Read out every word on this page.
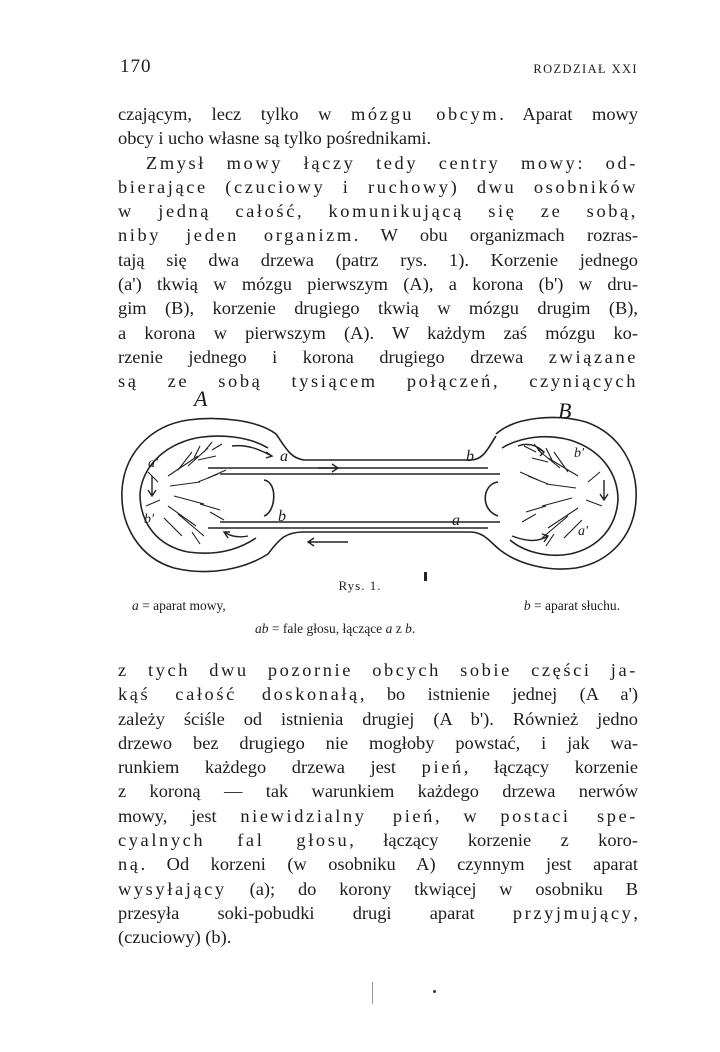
170	ROZDZIAŁ XXI
czającym, lecz tylko w mózgu obcym. Aparat mowy
obcy i ucho własne są tylko pośrednikami.
Zmysł mowy łączy tedy centry mowy: od-
bierające (czuciowy i ruchowy) dwu osobników
w jedną całość, komunikującą się ze sobą,
niby jeden organizm. W obu organizmach rozras-
tają się dwa drzewa (patrz rys. 1). Korzenie jednego
(a') tkwią w mózgu pierwszym (A), a korona (b') w dru-
gim (B), korzenie drugiego tkwią w mózgu drugim (B),
a korona w pierwszym (A). W każdym zaś mózgu ko-
rzenie jednego i korona drugiego drzewa związane
są ze sobą tysiącem połączeń, czyniących
A	B
a	b
a'
b'
b'
a'
b	a
Rys. 1.
a = aparat mowy,	b = aparat słuchu.
ab = fale głosu, łączące a z b.
z tych dwu pozornie obcych sobie części ja-
kąś całość doskonałą, bo istnienie jednej (A a')
zależy ściśle od istnienia drugiej (A b'). Również jedno
drzewo bez drugiego nie mogłoby powstać, i jak wa-
runkiem każdego drzewa jest pień, łączący korzenie
z koroną — tak warunkiem każdego drzewa nerwów
mowy, jest niewidzialny pień, w postaci spe-
cyalnych fal głosu, łączący korzenie z koro-
ną. Od korzeni (w osobniku A) czynnym jest aparat
wysyłający (a); do korony tkwiącej w osobniku B
przesyła soki-pobudki drugi aparat przyjmujący,
(czuciowy) (b).
